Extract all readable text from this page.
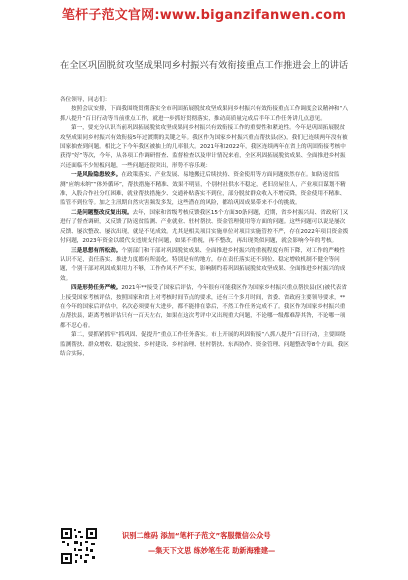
笔杆子范文官网:www.biganzifanwen.com
在全区巩固脱贫攻坚成果同乡村振兴有效衔接重点工作推进会上的讲话

各位领导，同志们：

按照会议安排，下面我围绕贯彻落实全市巩固拓展脱贫攻坚成果同乡村振兴有效衔接重点工作调度会议精神和“八抓八提升”百日行动等当前重点工作，就进一步抓好贯彻落实，推动高质量完成后半年工作任务讲几点意见。

第一，要充分认识当前巩固拓展脱贫攻坚成果同乡村振兴有效衔接工作的重要性和紧迫性。今年是巩固拓展脱贫攻坚成果同乡村振兴有效衔接5年过渡期的关键之年。我区作为国家乡村振兴重点帮扶县(区)，我们已连续两年没有被国家抽查到问题。相比之下今年我区被抽上的几率很大。2021年和2022年，我区连续两年在省上的巩固衔接考核中获得“好”等次，今年，从各项工作调研督查、监督检查以及审计情况来看，全区巩固拓展脱贫成果、全面推进乡村振兴还面临不少短板问题，一些问题还很突出，形势不容乐观：

一是风险隐患较多。在政策落实、产业发展、易地搬迁后续扶持、资金使用等方面问题依然存在。如防返贫监测“应纳未纳”“体外循环”，帮扶措施不精准、效果不明显，个别村社供水不稳定，老旧房屋住人，产业项目谋划不精准，入股合作社分红困难，就业帮扶措施少、交通补贴落实不到位，部分脱贫群众收入不增反降，资金使用不精准、监管不到位等。加之主汛期自然灾害频发多发，这些潜在的风险，都给巩固成果带来不小的挑战。

二是问题整改反复出现。去年，国家和省级考核反馈我区15个方面30条问题，近期，省乡村振兴局、省政府门又进行了督查调研，又反馈了防返贫监测、产业就业、驻村帮扶、资金管理使用等方面的问题。这些问题可以说是屡次反馈、屡次整改、屡次出现，就是不见成效。尤其是相关项目实施单位对项目实施管控不严，存在2022年项目资金拨付问题，2023年资金以缓代支违规支付问题，如果不重视，再不整改，再出现类似问题，就会影响今年的考核。

三是思想有所松劲。个别部门和干部对巩固脱贫成果、全面推进乡村振兴的重视程度有所下降，对工作的严峻性认识不足，责任落实、推进力度都有所弱化。特别是有的地方，存在责任落实还不到位、稳定增收机制不健全等问题，个别干部对巩固成果用力不够，工作作风不严不实，影响制约着巩固拓展脱贫攻坚成果、全面推进乡村振兴的成效。

四是形势任务严峻。2021年**接受了国家后评估，今年很有可能我区作为国家乡村振兴重点帮扶县(区)被代表省上接受国家考核评估，按照国家和省上对考核时间节点的要求，还有三个多月时间，省委、省政府主要领导要求，**在今年的国家后评估中，名次必须要有大进步，都不能排在靠后，不然工作任务完成不了。我区作为国家乡村振兴重点帮扶县，距离考核评估只有一百天左右，如果在这次考评中又出现重大问题，不论哪一级都难辞其咎，不论哪一项都不忍心看。

第二，要抓紧抓牢“抓巩固、促提升”重点工作任务落实。市上开展的巩固衔接“八抓八提升”百日行动，主要围绕监测帮扶、群众增收、稳定脱贫、乡村建设、乡村治理、驻村帮扶、东西协作、资金管理、问题整改等8个方面，我区结合实际，

识别二维码 添加“笔杆子范文”客服微信公众号
—集天下文思 练妙笔生花 助新海雅建—
